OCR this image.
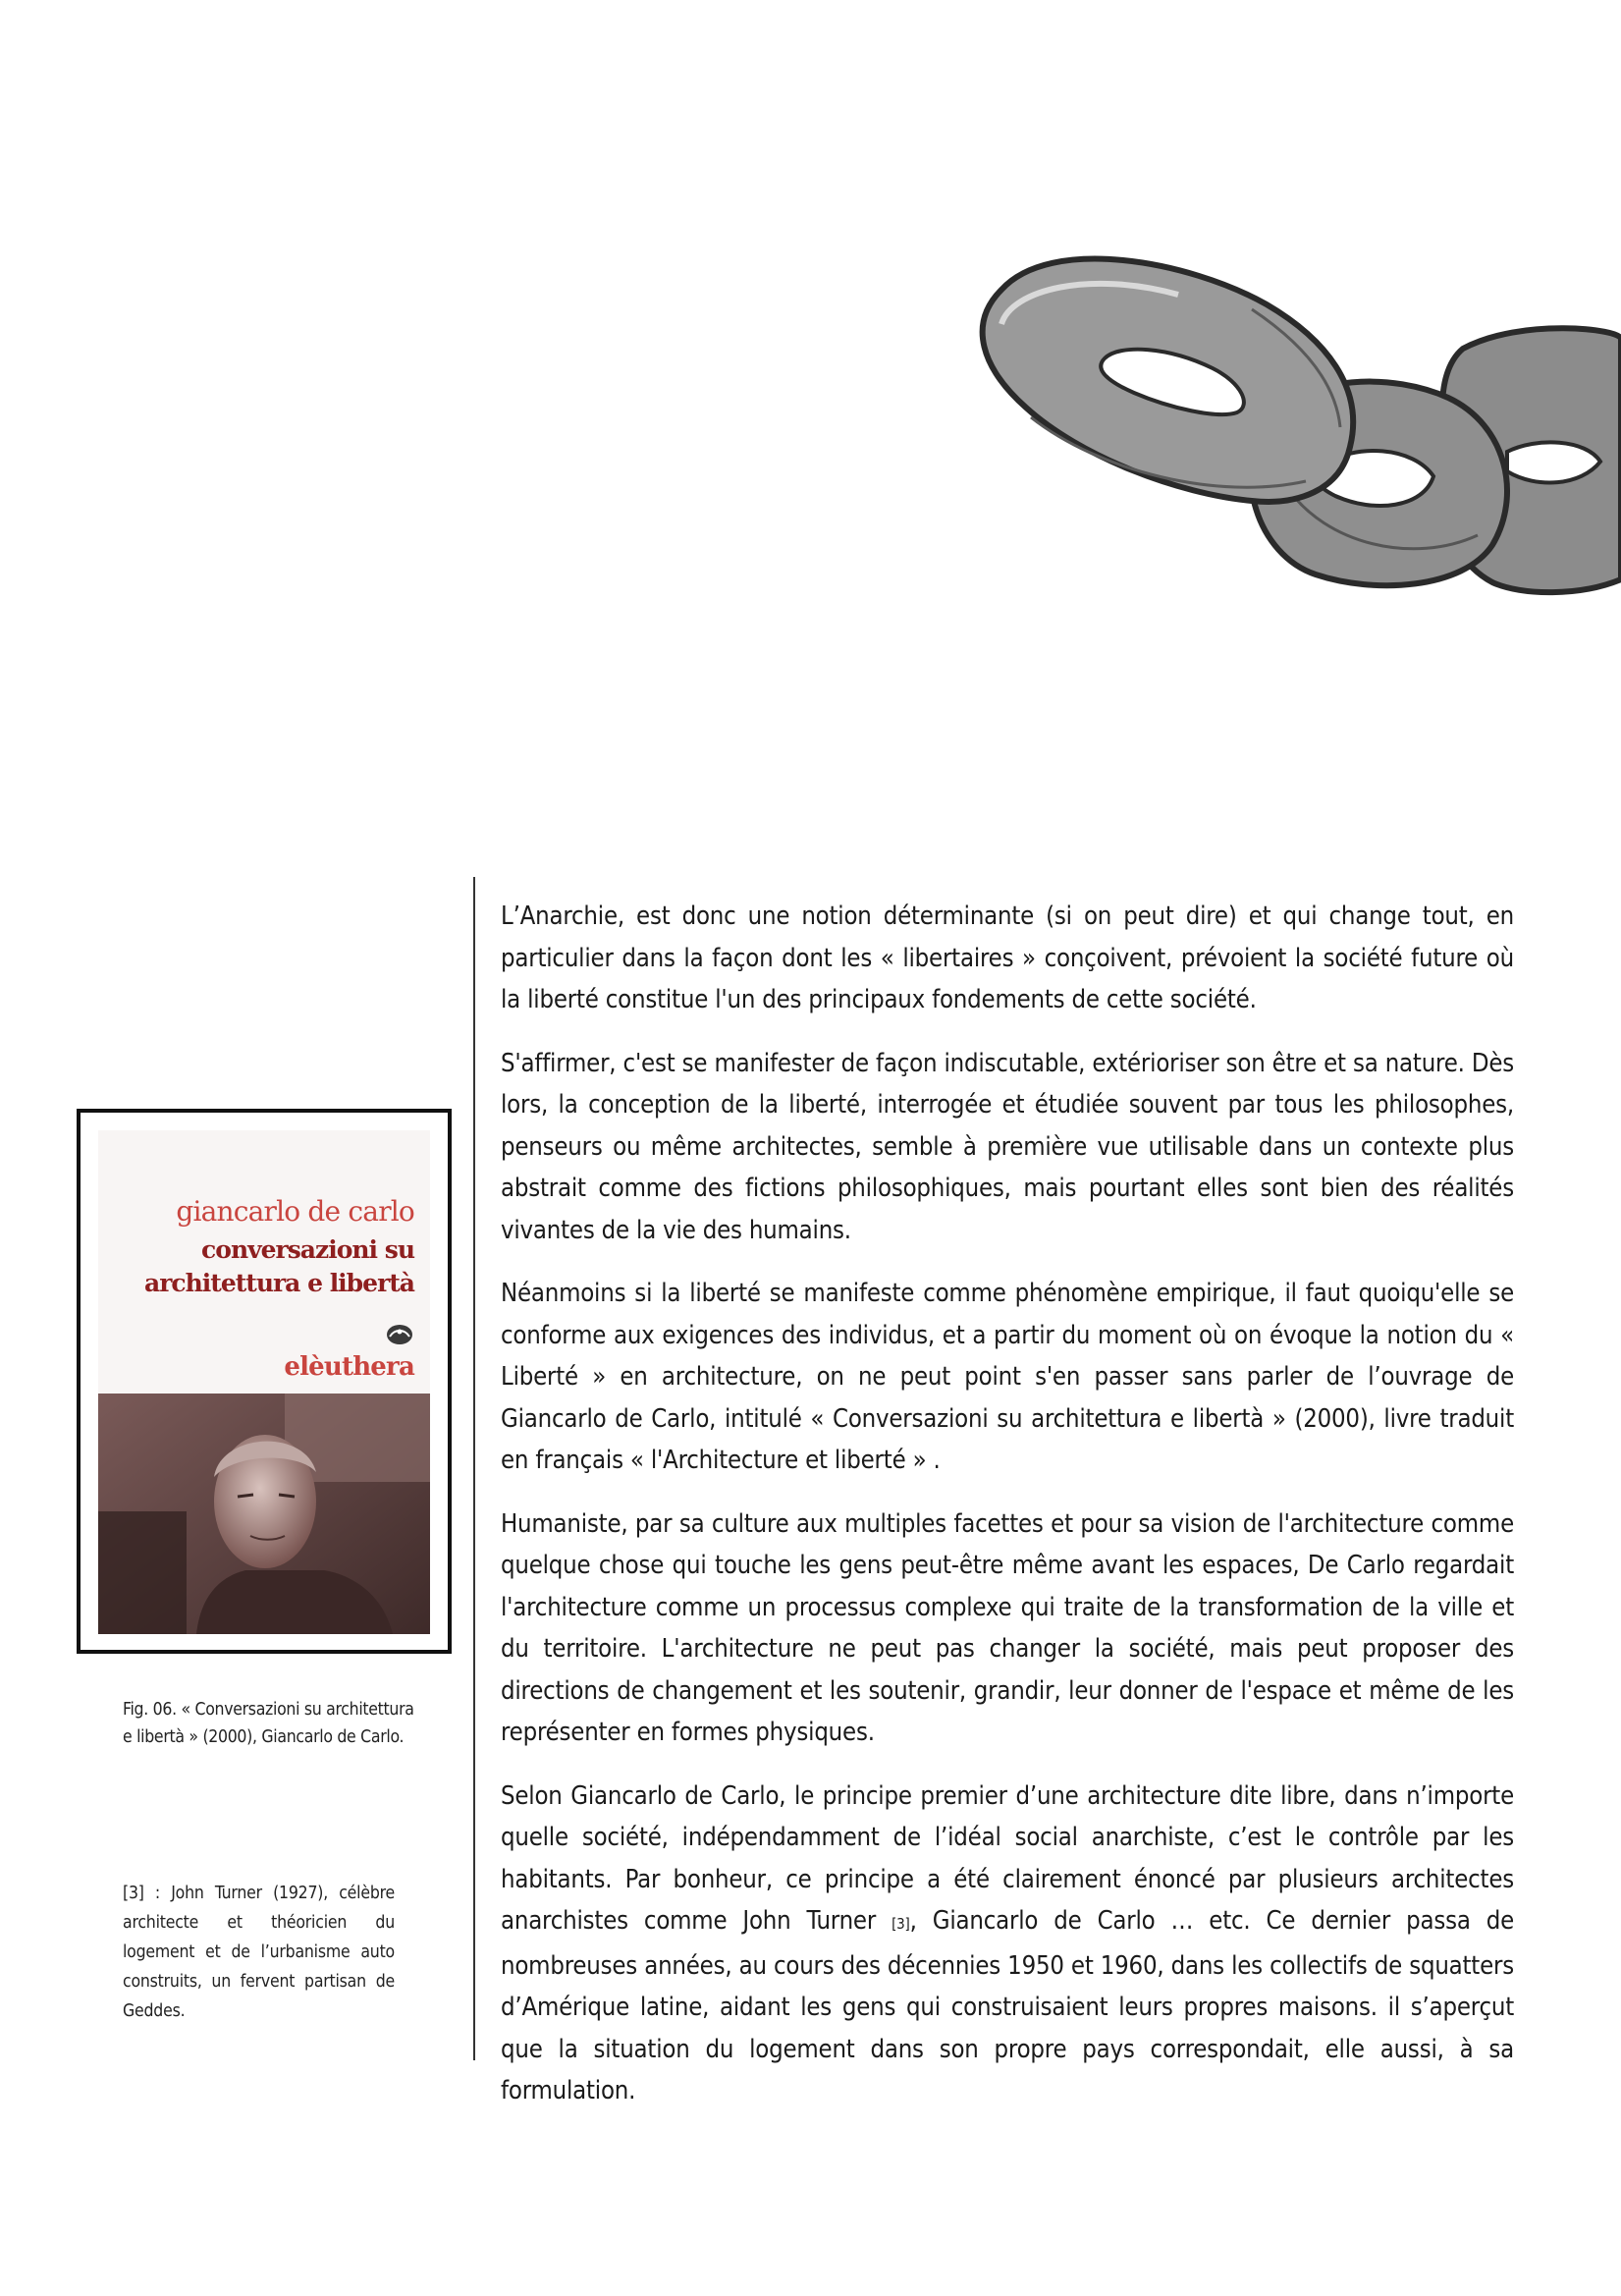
giancarlo de carlo
conversazioni su
architettura e libertà
elèuthera
Fig. 06. « Conversazioni su architettura
e libertà » (2000), Giancarlo de Carlo.
[3] : John Turner (1927), célèbre architecte et théoricien du logement et de l’urbanisme auto construits, un fervent partisan de Geddes.

L’Anarchie, est donc une notion déterminante (si on peut dire) et qui change tout, en particulier dans la façon dont les « libertaires » conçoivent, prévoient la société future où la liberté constitue l'un des principaux fondements de cette société.

S'affirmer, c'est se manifester de façon indiscutable, extérioriser son être et sa nature. Dès lors, la conception de la liberté, interrogée et étudiée souvent par tous les philosophes, penseurs ou même architectes, semble à première vue utilisable dans un contexte plus abstrait comme des fictions philosophiques, mais pourtant elles sont bien des réalités vivantes de la vie des humains.

Néanmoins si la liberté se manifeste comme phénomène empirique, il faut quoiqu'elle se conforme aux exigences des individus, et a partir du moment où on évoque la notion du « Liberté » en architecture, on ne peut point s'en passer sans parler de l’ouvrage de Giancarlo de Carlo, intitulé « Conversazioni su architettura e libertà » (2000), livre traduit en français « l'Architecture et liberté » .

Humaniste, par sa culture aux multiples facettes et pour sa vision de l'architecture comme quelque chose qui touche les gens peut-être même avant les espaces, De Carlo regardait l'architecture comme un processus complexe qui traite de la transformation de la ville et du territoire. L'architecture ne peut pas changer la société, mais peut proposer des directions de changement et les soutenir, grandir, leur donner de l'espace et même de les représenter en formes physiques.

Selon Giancarlo de Carlo, le principe premier d’une architecture dite libre, dans n’importe quelle société, indépendamment de l’idéal social anarchiste, c’est le contrôle par les habitants. Par bonheur, ce principe a été clairement énoncé par plusieurs architectes anarchistes comme John Turner [3], Giancarlo de Carlo … etc. Ce dernier passa de nombreuses années, au cours des décennies 1950 et 1960, dans les collectifs de squatters d’Amérique latine, aidant les gens qui construisaient leurs propres maisons. il s’aperçut que la situation du logement dans son propre pays correspondait, elle aussi, à sa formulation.
